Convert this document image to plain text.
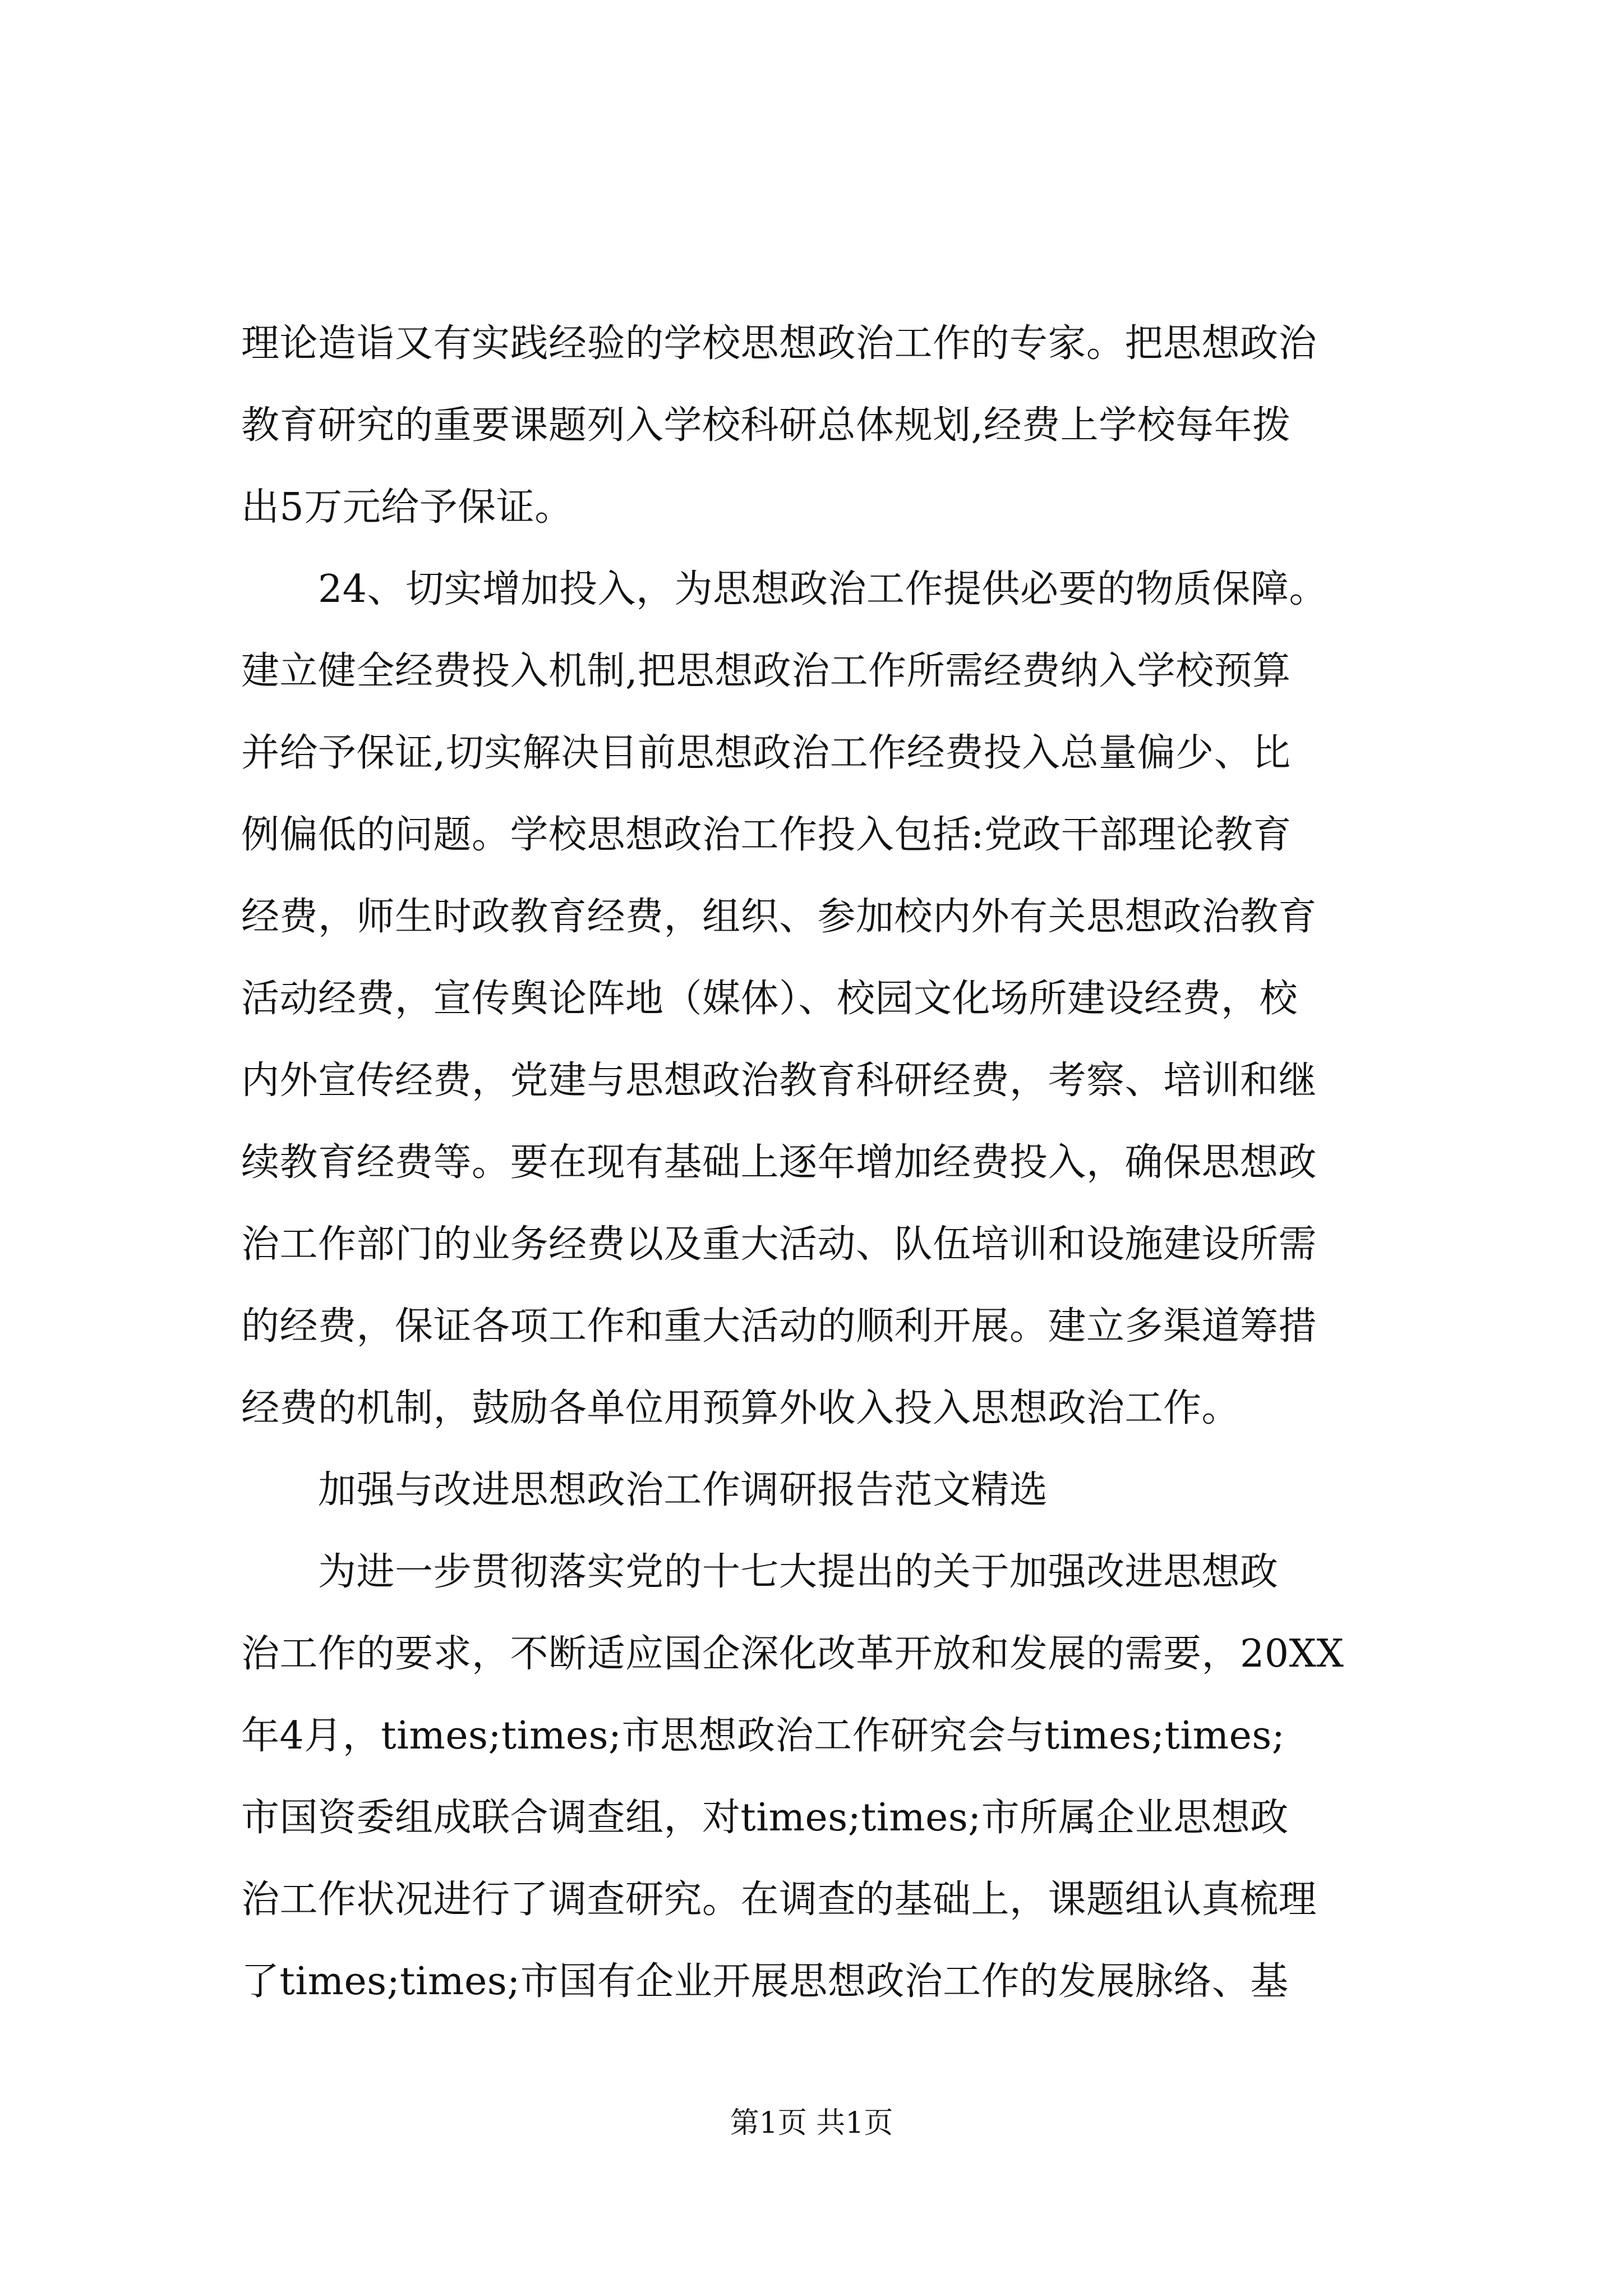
理论造诣又有实践经验的学校思想政治工作的专家。把思想政治
教育研究的重要课题列入学校科研总体规划,经费上学校每年拨
出5万元给予保证。
　　24、切实增加投入，为思想政治工作提供必要的物质保障。
建立健全经费投入机制,把思想政治工作所需经费纳入学校预算
并给予保证,切实解决目前思想政治工作经费投入总量偏少、比
例偏低的问题。学校思想政治工作投入包括:党政干部理论教育
经费，师生时政教育经费，组织、参加校内外有关思想政治教育
活动经费，宣传舆论阵地（媒体）、校园文化场所建设经费，校
内外宣传经费，党建与思想政治教育科研经费，考察、培训和继
续教育经费等。要在现有基础上逐年增加经费投入，确保思想政
治工作部门的业务经费以及重大活动、队伍培训和设施建设所需
的经费，保证各项工作和重大活动的顺利开展。建立多渠道筹措
经费的机制，鼓励各单位用预算外收入投入思想政治工作。
　　加强与改进思想政治工作调研报告范文精选
　　为进一步贯彻落实党的十七大提出的关于加强改进思想政
治工作的要求，不断适应国企深化改革开放和发展的需要，20XX
年4月，times;times;市思想政治工作研究会与times;times;
市国资委组成联合调查组，对times;times;市所属企业思想政
治工作状况进行了调查研究。在调查的基础上，课题组认真梳理
了times;times;市国有企业开展思想政治工作的发展脉络、基
第1页 共1页
